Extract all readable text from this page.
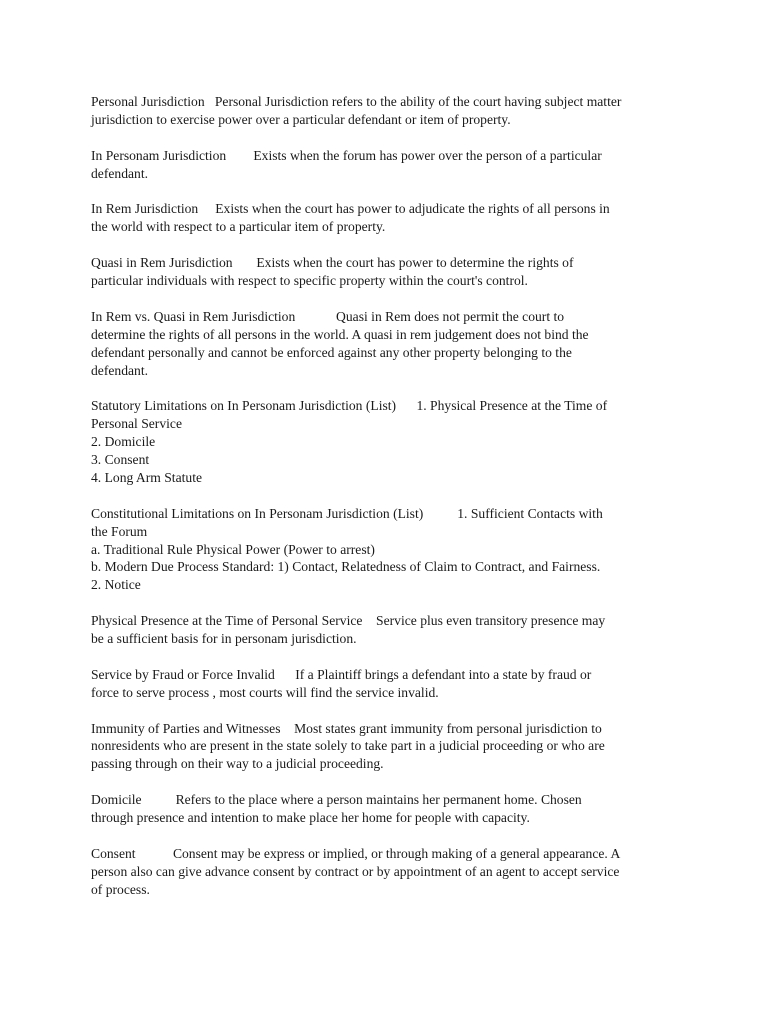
Personal Jurisdiction   Personal Jurisdiction refers to the ability of the court having subject matter
jurisdiction to exercise power over a particular defendant or item of property.
In Personam Jurisdiction        Exists when the forum has power over the person of a particular
defendant.
In Rem Jurisdiction     Exists when the court has power to adjudicate the rights of all persons in
the world with respect to a particular item of property.
Quasi in Rem Jurisdiction       Exists when the court has power to determine the rights of
particular individuals with respect to specific property within the court's control.
In Rem vs. Quasi in Rem Jurisdiction            Quasi in Rem does not permit the court to
determine the rights of all persons in the world. A quasi in rem judgement does not bind the
defendant personally and cannot be enforced against any other property belonging to the
defendant.
Statutory Limitations on In Personam Jurisdiction (List)      1. Physical Presence at the Time of
Personal Service
2. Domicile
3. Consent
4. Long Arm Statute
Constitutional Limitations on In Personam Jurisdiction (List)          1. Sufficient Contacts with
the Forum
a. Traditional Rule Physical Power (Power to arrest)
b. Modern Due Process Standard: 1) Contact, Relatedness of Claim to Contract, and Fairness.
2. Notice
Physical Presence at the Time of Personal Service    Service plus even transitory presence may
be a sufficient basis for in personam jurisdiction.
Service by Fraud or Force Invalid      If a Plaintiff brings a defendant into a state by fraud or
force to serve process , most courts will find the service invalid.
Immunity of Parties and Witnesses    Most states grant immunity from personal jurisdiction to
nonresidents who are present in the state solely to take part in a judicial proceeding or who are
passing through on their way to a judicial proceeding.
Domicile          Refers to the place where a person maintains her permanent home. Chosen
through presence and intention to make place her home for people with capacity.
Consent           Consent may be express or implied, or through making of a general appearance. A
person also can give advance consent by contract or by appointment of an agent to accept service
of process.
